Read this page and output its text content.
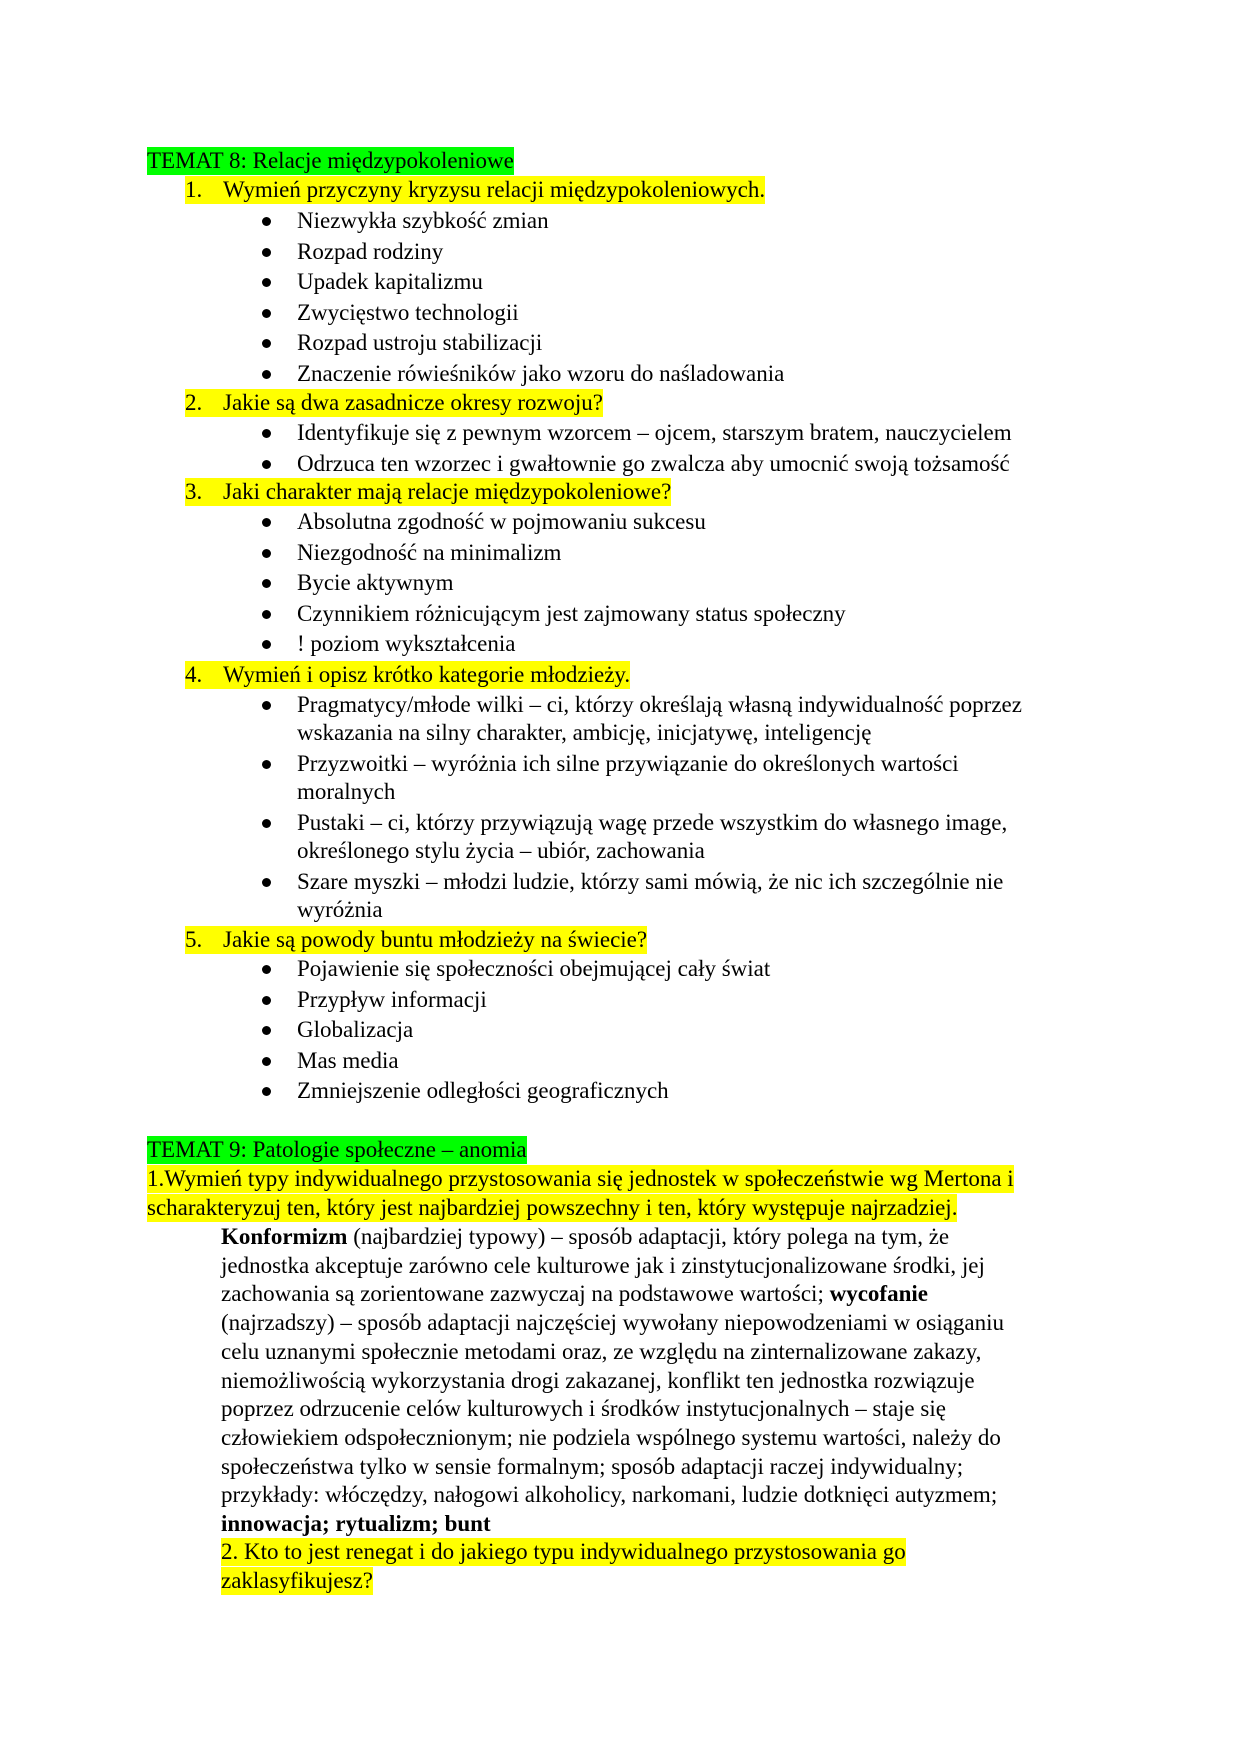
TEMAT 8: Relacje międzypokoleniowe
1. Wymień przyczyny kryzysu relacji międzypokoleniowych.
Niezwykła szybkość zmian
Rozpad rodziny
Upadek kapitalizmu
Zwycięstwo technologii
Rozpad ustroju stabilizacji
Znaczenie rówieśników jako wzoru do naśladowania
2. Jakie są dwa zasadnicze okresy rozwoju?
Identyfikuje się z pewnym wzorcem – ojcem, starszym bratem, nauczycielem
Odrzuca ten wzorzec i gwałtownie go zwalcza aby umocnić swoją tożsamość
3. Jaki charakter mają relacje międzypokoleniowe?
Absolutna zgodność w pojmowaniu sukcesu
Niezgodność na minimalizm
Bycie aktywnym
Czynnikiem różnicującym jest zajmowany status społeczny
! poziom wykształcenia
4. Wymień i opisz krótko kategorie młodzieży.
Pragmatycy/młode wilki – ci, którzy określają własną indywidualność poprzez
wskazania na silny charakter, ambicję, inicjatywę, inteligencję
Przyzwoitki – wyróżnia ich silne przywiązanie do określonych wartości
moralnych
Pustaki – ci, którzy przywiązują wagę przede wszystkim do własnego image,
określonego stylu życia – ubiór, zachowania
Szare myszki – młodzi ludzie, którzy sami mówią, że nic ich szczególnie nie
wyróżnia
5. Jakie są powody buntu młodzieży na świecie?
Pojawienie się społeczności obejmującej cały świat
Przypływ informacji
Globalizacja
Mas media
Zmniejszenie odległości geograficznych
TEMAT 9: Patologie społeczne – anomia
1.Wymień typy indywidualnego przystosowania się jednostek w społeczeństwie wg Mertona i
scharakteryzuj ten, który jest najbardziej powszechny i ten, który występuje najrzadziej.
Konformizm (najbardziej typowy) – sposób adaptacji, który polega na tym, że
jednostka akceptuje zarówno cele kulturowe jak i zinstytucjonalizowane środki, jej
zachowania są zorientowane zazwyczaj na podstawowe wartości; wycofanie
(najrzadszy) – sposób adaptacji najczęściej wywołany niepowodzeniami w osiąganiu
celu uznanymi społecznie metodami oraz, ze względu na zinternalizowane zakazy,
niemożliwością wykorzystania drogi zakazanej, konflikt ten jednostka rozwiązuje
poprzez odrzucenie celów kulturowych i środków instytucjonalnych – staje się
człowiekiem odspołecznionym; nie podziela wspólnego systemu wartości, należy do
społeczeństwa tylko w sensie formalnym; sposób adaptacji raczej indywidualny;
przykłady: włóczędzy, nałogowi alkoholicy, narkomani, ludzie dotknięci autyzmem;
innowacja; rytualizm; bunt
2. Kto to jest renegat i do jakiego typu indywidualnego przystosowania go
zaklasyfikujesz?
